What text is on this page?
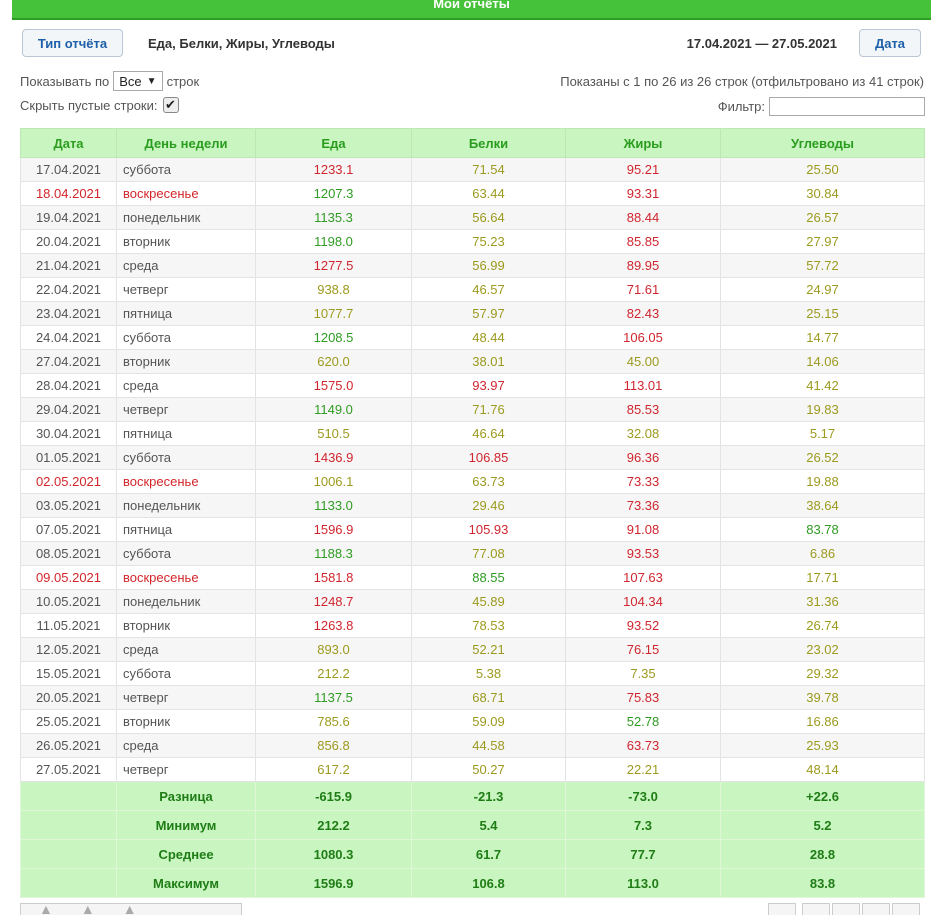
Мои отчёты
Тип отчёта	Еда, Белки, Жиры, Углеводы	17.04.2021 — 27.05.2021	Дата
Показывать по Все ▼ строк	Показаны с 1 по 26 из 26 строк (отфильтровано из 41 строк)
Скрыть пустые строки: ✔	Фильтр:
Дата	День недели	Еда	Белки	Жиры	Углеводы
17.04.2021	суббота	1233.1	71.54	95.21	25.50
18.04.2021	воскресенье	1207.3	63.44	93.31	30.84
19.04.2021	понедельник	1135.3	56.64	88.44	26.57
20.04.2021	вторник	1198.0	75.23	85.85	27.97
21.04.2021	среда	1277.5	56.99	89.95	57.72
22.04.2021	четверг	938.8	46.57	71.61	24.97
23.04.2021	пятница	1077.7	57.97	82.43	25.15
24.04.2021	суббота	1208.5	48.44	106.05	14.77
27.04.2021	вторник	620.0	38.01	45.00	14.06
28.04.2021	среда	1575.0	93.97	113.01	41.42
29.04.2021	четверг	1149.0	71.76	85.53	19.83
30.04.2021	пятница	510.5	46.64	32.08	5.17
01.05.2021	суббота	1436.9	106.85	96.36	26.52
02.05.2021	воскресенье	1006.1	63.73	73.33	19.88
03.05.2021	понедельник	1133.0	29.46	73.36	38.64
07.05.2021	пятница	1596.9	105.93	91.08	83.78
08.05.2021	суббота	1188.3	77.08	93.53	6.86
09.05.2021	воскресенье	1581.8	88.55	107.63	17.71
10.05.2021	понедельник	1248.7	45.89	104.34	31.36
11.05.2021	вторник	1263.8	78.53	93.52	26.74
12.05.2021	среда	893.0	52.21	76.15	23.02
15.05.2021	суббота	212.2	5.38	7.35	29.32
20.05.2021	четверг	1137.5	68.71	75.83	39.78
25.05.2021	вторник	785.6	59.09	52.78	16.86
26.05.2021	среда	856.8	44.58	63.73	25.93
27.05.2021	четверг	617.2	50.27	22.21	48.14
	Разница	-615.9	-21.3	-73.0	+22.6
	Минимум	212.2	5.4	7.3	5.2
	Среднее	1080.3	61.7	77.7	28.8
	Максимум	1596.9	106.8	113.0	83.8
▲ ▲ ▲
